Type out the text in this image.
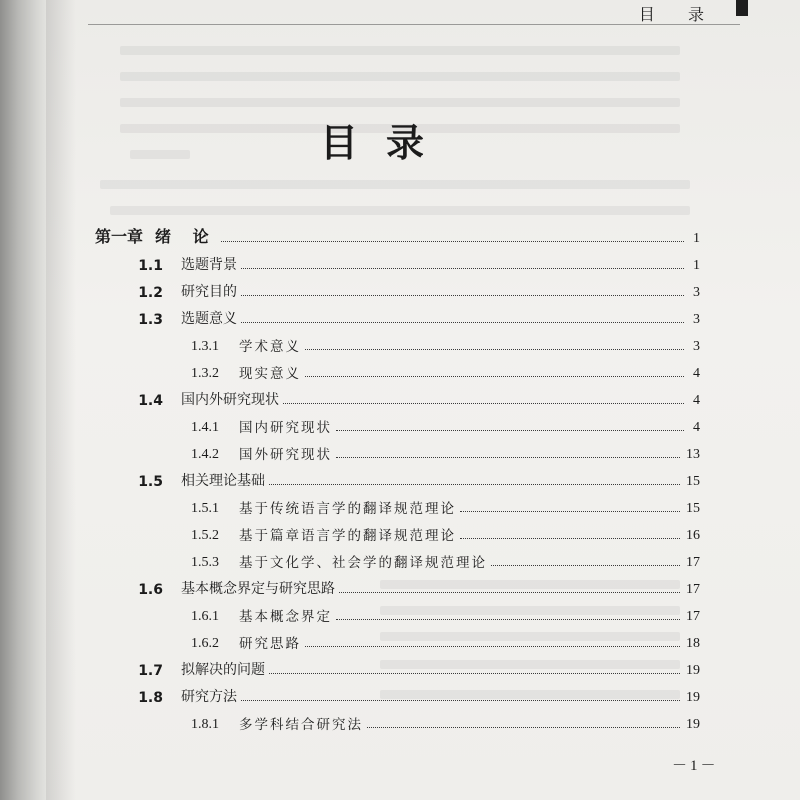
目 录
目录
第一章 绪 论	1
1.1 选题背景	1
1.2 研究目的	3
1.3 选题意义	3
1.3.1 学术意义	3
1.3.2 现实意义	4
1.4 国内外研究现状	4
1.4.1 国内研究现状	4
1.4.2 国外研究现状	13
1.5 相关理论基础	15
1.5.1 基于传统语言学的翻译规范理论	15
1.5.2 基于篇章语言学的翻译规范理论	16
1.5.3 基于文化学、社会学的翻译规范理论	17
1.6 基本概念界定与研究思路	17
1.6.1 基本概念界定	17
1.6.2 研究思路	18
1.7 拟解决的问题	19
1.8 研究方法	19
1.8.1 多学科结合研究法	19
－1－
